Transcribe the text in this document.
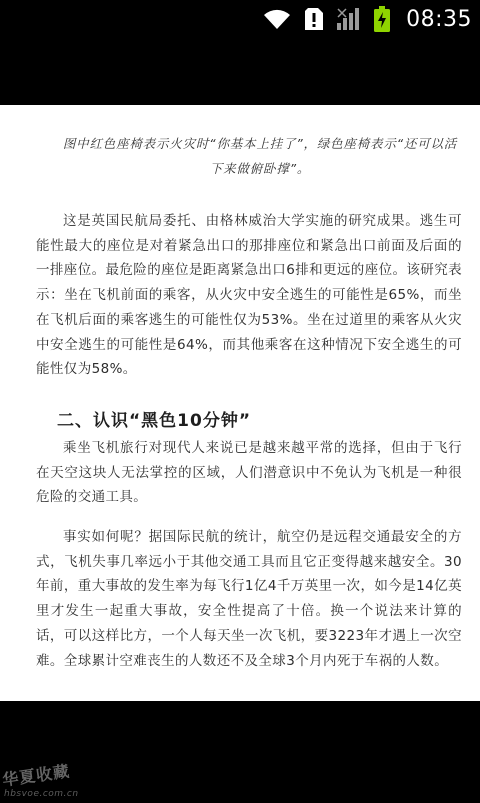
08:35
图中红色座椅表示火灾时“你基本上挂了”，绿色座椅表示“还可以活下来做俯卧撑”。
这是英国民航局委托、由格林威治大学实施的研究成果。逃生可能性最大的座位是对着紧急出口的那排座位和紧急出口前面及后面的一排座位。最危险的座位是距离紧急出口6排和更远的座位。该研究表示：坐在飞机前面的乘客，从火灾中安全逃生的可能性是65%，而坐在飞机后面的乘客逃生的可能性仅为53%。坐在过道里的乘客从火灾中安全逃生的可能性是64%，而其他乘客在这种情况下安全逃生的可能性仅为58%。
二、认识“黑色10分钟”
乘坐飞机旅行对现代人来说已是越来越平常的选择，但由于飞行在天空这块人无法掌控的区域，人们潜意识中不免认为飞机是一种很危险的交通工具。
事实如何呢？据国际民航的统计，航空仍是远程交通最安全的方式，飞机失事几率远小于其他交通工具而且它正变得越来越安全。30年前，重大事故的发生率为每飞行1亿4千万英里一次，如今是14亿英里才发生一起重大事故，安全性提高了十倍。换一个说法来计算的话，可以这样比方，一个人每天坐一次飞机，要3223年才遇上一次空难。全球累计空难丧生的人数还不及全球3个月内死于车祸的人数。
华夏收藏
hbsvoe.com.cn
